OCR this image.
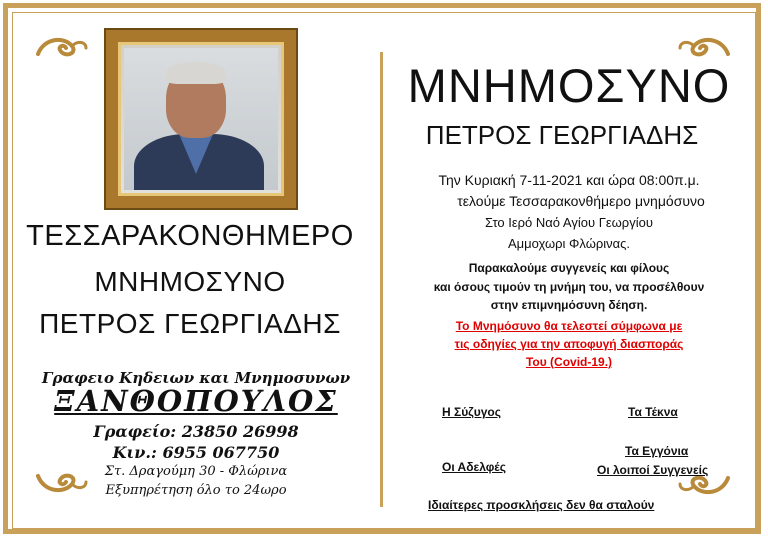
ΤΕΣΣΑΡΑΚΟΝΘΗΜΕΡΟ
ΜΝΗΜΟΣΥΝΟ
ΠΕΤΡΟΣ ΓΕΩΡΓΙΑΔΗΣ
Γραφειο Κηδειων και Μνημοσυνων
ΞΑΝΘΟΠΟΥΛΟΣ
Γραφείο: 23850 26998
Κιν.: 6955 067750
Στ. Δραγούμη 30 - Φλώρινα
Εξυπηρέτηση όλο το 24ωρο
ΜΝΗΜΟΣΥΝΟ
ΠΕΤΡΟΣ ΓΕΩΡΓΙΑΔΗΣ
Την Κυριακή 7-11-2021 και ώρα 08:00π.μ.
τελούμε Τεσσαρακονθήμερο μνημόσυνο
Στο Ιερό Ναό Αγίου Γεωργίου
Αμμοχωρι Φλώρινας.
Παρακαλούμε συγγενείς και φίλους
και όσους τιμούν τη μνήμη του, να προσέλθουν
στην επιμνημόσυνη δέηση.
Το Μνημόσυνο θα τελεστεί σύμφωνα με
τις οδηγίες για την αποφυγή διασποράς
Του (Covid-19.)
Η Σύζυγος	Τα Τέκνα
Τα Εγγόνια
Οι Αδελφές	Οι λοιποί Συγγενείς
Ιδιαίτερες προσκλήσεις δεν θα σταλούν
